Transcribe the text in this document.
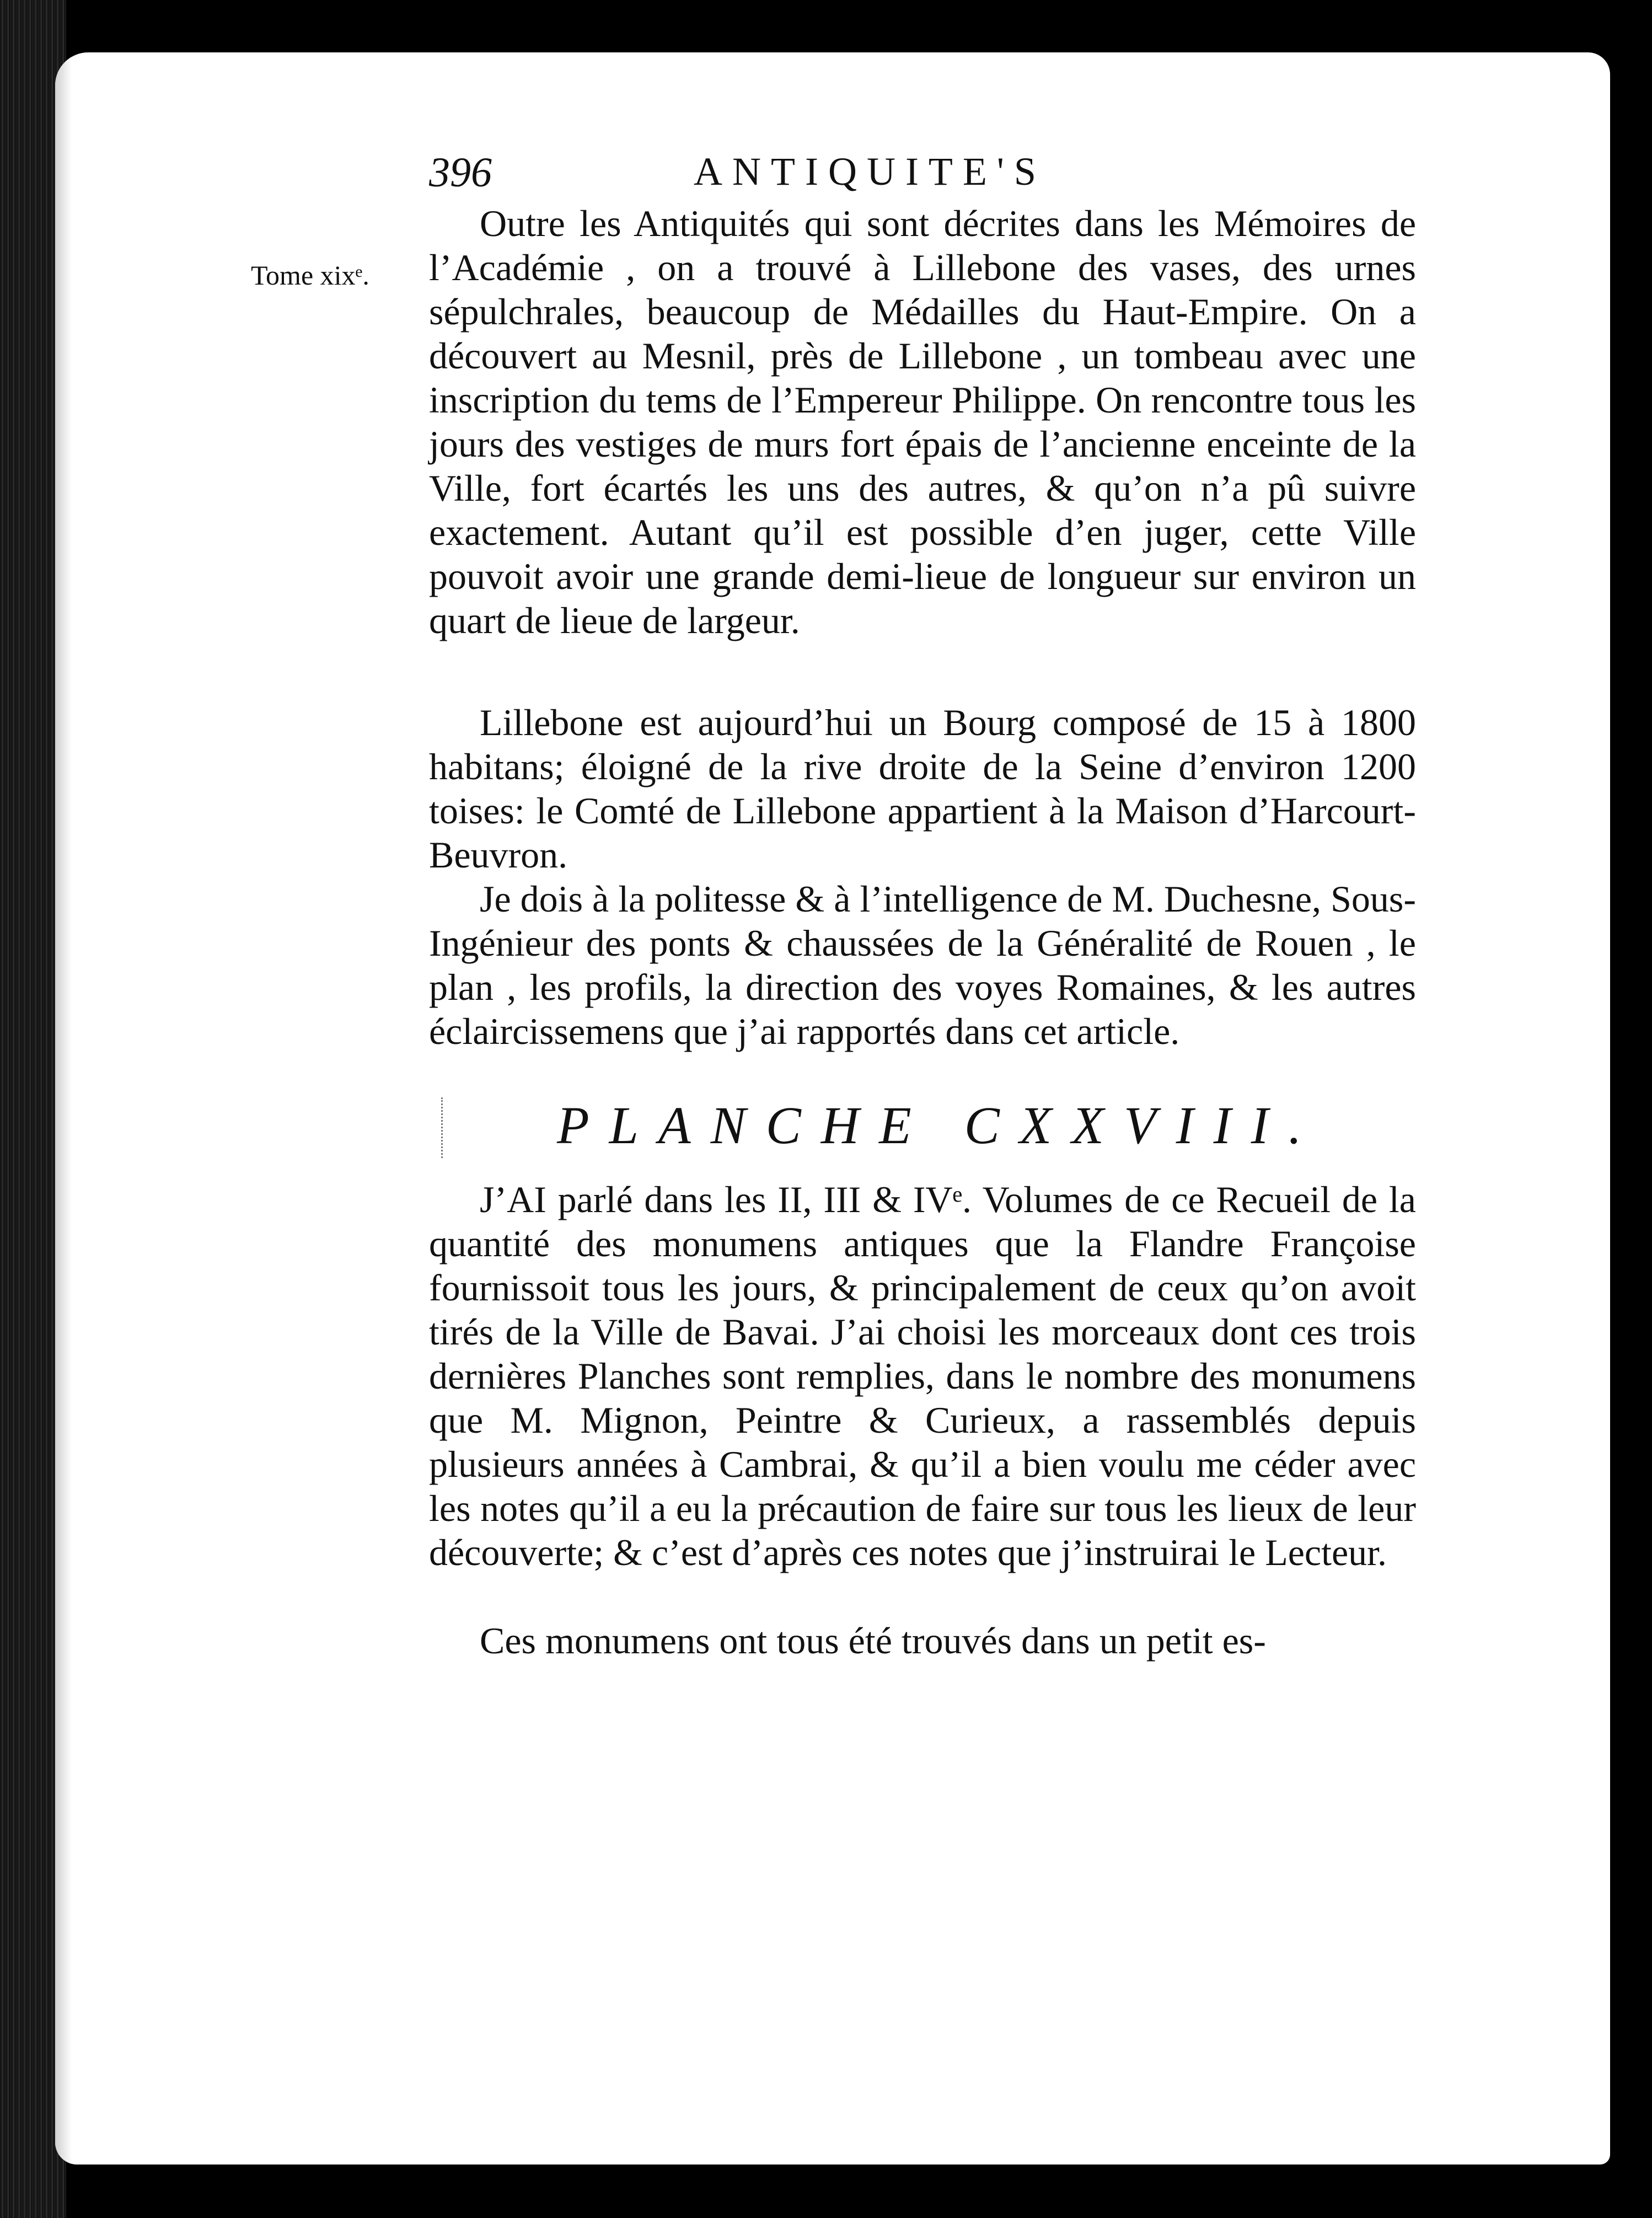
396	ANTIQUITE'S
Tome xixᵉ.

Outre les Antiquités qui sont décrites dans les Mémoires de l’Académie , on a trouvé à Lillebone des vases, des urnes sépulchrales, beaucoup de Médailles du Haut-Empire. On a découvert au Mesnil, près de Lillebone , un tombeau avec une inscription du tems de l’Empereur Philippe. On rencontre tous les jours des vestiges de murs fort épais de l’ancienne enceinte de la Ville, fort écartés les uns des autres, & qu’on n’a pû suivre exactement. Autant qu’il est possible d’en juger, cette Ville pouvoit avoir une grande demi-lieue de longueur sur environ un quart de lieue de largeur.

Lillebone est aujourd’hui un Bourg composé de 15 à 1800 habitans; éloigné de la rive droite de la Seine d’environ 1200 toises: le Comté de Lillebone appartient à la Maison d’Harcourt-Beuvron.

Je dois à la politesse & à l’intelligence de M. Duchesne, Sous-Ingénieur des ponts & chaussées de la Généralité de Rouen , le plan , les profils, la direction des voyes Romaines, & les autres éclaircissemens que j’ai rapportés dans cet article.

PLANCHE CXXVIII.

J’AI parlé dans les II, III & IVᵉ. Volumes de ce Recueil de la quantité des monumens antiques que la Flandre Françoise fournissoit tous les jours, & principalement de ceux qu’on avoit tirés de la Ville de Bavai. J’ai choisi les morceaux dont ces trois dernières Planches sont remplies, dans le nombre des monumens que M. Mignon, Peintre & Curieux, a rassemblés depuis plusieurs années à Cambrai, & qu’il a bien voulu me céder avec les notes qu’il a eu la précaution de faire sur tous les lieux de leur découverte; & c’est d’après ces notes que j’instruirai le Lecteur.

Ces monumens ont tous été trouvés dans un petit es-
